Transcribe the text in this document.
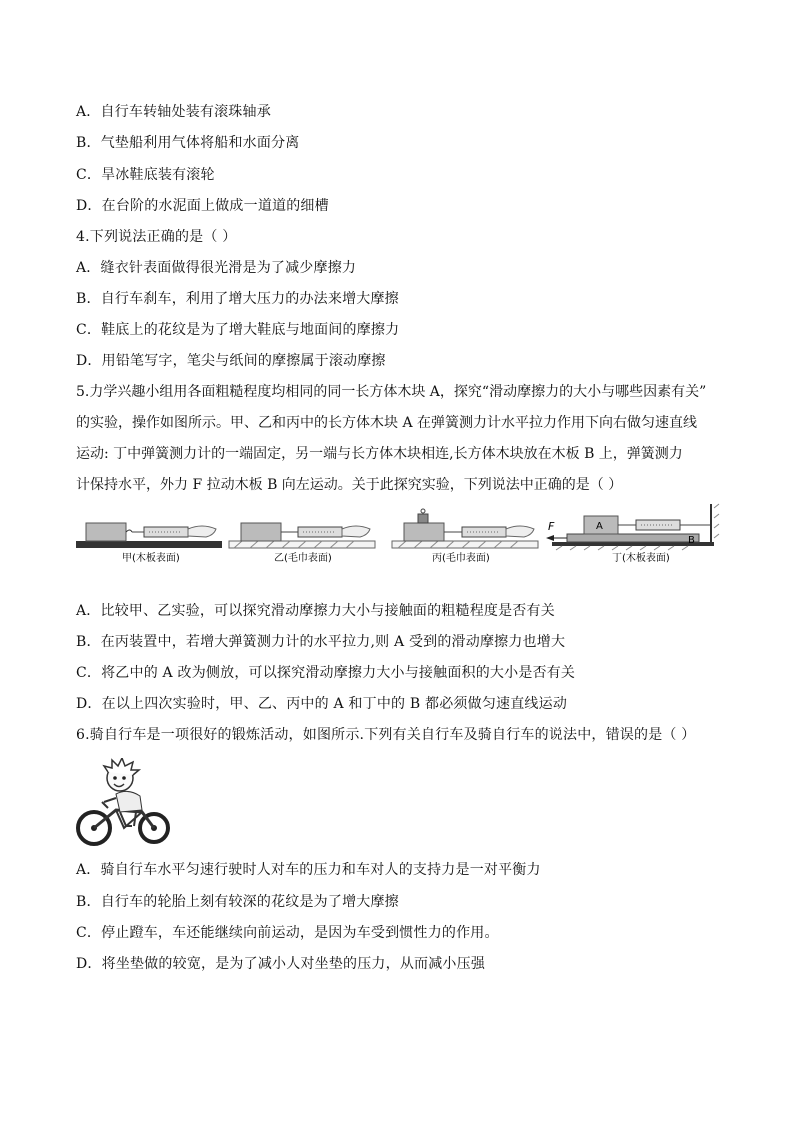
A．自行车转轴处装有滚珠轴承
B．气垫船利用气体将船和水面分离
C．旱冰鞋底装有滚轮
D．在台阶的水泥面上做成一道道的细槽
4.下列说法正确的是（ ）
A．缝衣针表面做得很光滑是为了减少摩擦力
B．自行车刹车，利用了增大压力的办法来增大摩擦
C．鞋底上的花纹是为了增大鞋底与地面间的摩擦力
D．用铅笔写字，笔尖与纸间的摩擦属于滚动摩擦
5.力学兴趣小组用各面粗糙程度均相同的同一长方体木块 A，探究“滑动摩擦力的大小与哪些因素有关”
的实验，操作如图所示。甲、乙和丙中的长方体木块 A 在弹簧测力计水平拉力作用下向右做匀速直线
运动: 丁中弹簧测力计的一端固定，另一端与长方体木块相连,长方体木块放在木板 B 上，弹簧测力
计保持水平，外力 F 拉动木板 B 向左运动。关于此探究实验，下列说法中正确的是（ ）
F	A
B
甲(木板表面)	乙(毛巾表面)	丙(毛巾表面)	丁(木板表面)
A．比较甲、乙实验，可以探究滑动摩擦力大小与接触面的粗糙程度是否有关
B．在丙装置中，若增大弹簧测力计的水平拉力,则 A 受到的滑动摩擦力也增大
C．将乙中的 A 改为侧放，可以探究滑动摩擦力大小与接触面积的大小是否有关
D．在以上四次实验时，甲、乙、丙中的 A 和丁中的 B 都必须做匀速直线运动
6.骑自行车是一项很好的锻炼活动，如图所示.下列有关自行车及骑自行车的说法中，错误的是（ ）
A．骑自行车水平匀速行驶时人对车的压力和车对人的支持力是一对平衡力
B．自行车的轮胎上刻有较深的花纹是为了增大摩擦
C．停止蹬车，车还能继续向前运动，是因为车受到惯性力的作用。
D．将坐垫做的较宽，是为了减小人对坐垫的压力，从而减小压强
